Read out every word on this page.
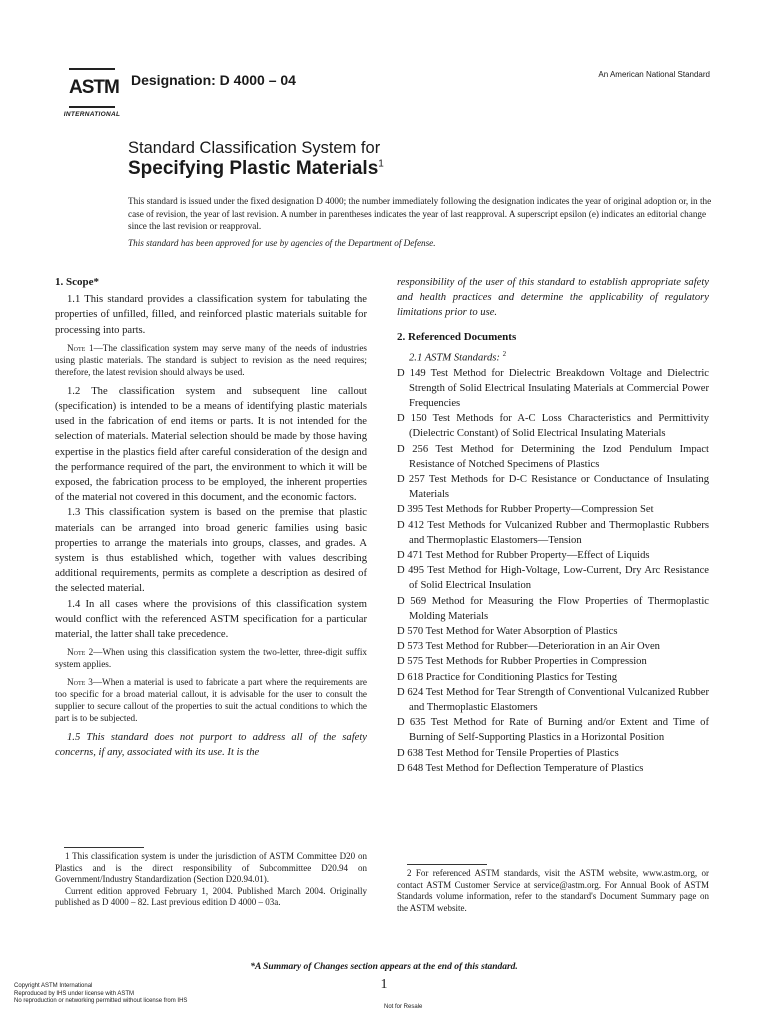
ASTM
INTERNATIONAL
Designation: D 4000 – 04	An American National Standard
Standard Classification System for
Specifying Plastic Materials$^1$
This standard is issued under the fixed designation D 4000; the number immediately following the designation indicates the year of original adoption or, in the case of revision, the year of last revision. A number in parentheses indicates the year of last reapproval. A superscript epsilon (e) indicates an editorial change since the last revision or reapproval.
This standard has been approved for use by agencies of the Department of Defense.
1. Scope*

1.1 This standard provides a classification system for tabulating the properties of unfilled, filled, and reinforced plastic materials suitable for processing into parts.

Note 1—The classification system may serve many of the needs of industries using plastic materials. The standard is subject to revision as the need requires; therefore, the latest revision should always be used.

1.2 The classification system and subsequent line callout (specification) is intended to be a means of identifying plastic materials used in the fabrication of end items or parts. It is not intended for the selection of materials. Material selection should be made by those having expertise in the plastics field after careful consideration of the design and the performance required of the part, the environment to which it will be exposed, the fabrication process to be employed, the inherent properties of the material not covered in this document, and the economic factors.

1.3 This classification system is based on the premise that plastic materials can be arranged into broad generic families using basic properties to arrange the materials into groups, classes, and grades. A system is thus established which, together with values describing additional requirements, permits as complete a description as desired of the selected material.

1.4 In all cases where the provisions of this classification system would conflict with the referenced ASTM specification for a particular material, the latter shall take precedence.

Note 2—When using this classification system the two-letter, three-digit suffix system applies.

Note 3—When a material is used to fabricate a part where the requirements are too specific for a broad material callout, it is advisable for the user to consult the supplier to secure callout of the properties to suit the actual conditions to which the part is to be subjected.

1.5 This standard does not purport to address all of the safety concerns, if any, associated with its use. It is the

responsibility of the user of this standard to establish appropriate safety and health practices and determine the applicability of regulatory limitations prior to use.

2. Referenced Documents

2.1 ASTM Standards: $^2$

D 149 Test Method for Dielectric Breakdown Voltage and Dielectric Strength of Solid Electrical Insulating Materials at Commercial Power Frequencies

D 150 Test Methods for A-C Loss Characteristics and Permittivity (Dielectric Constant) of Solid Electrical Insulating Materials

D 256 Test Method for Determining the Izod Pendulum Impact Resistance of Notched Specimens of Plastics

D 257 Test Methods for D-C Resistance or Conductance of Insulating Materials

D 395 Test Methods for Rubber Property—Compression Set

D 412 Test Methods for Vulcanized Rubber and Thermoplastic Rubbers and Thermoplastic Elastomers—Tension

D 471 Test Method for Rubber Property—Effect of Liquids

D 495 Test Method for High-Voltage, Low-Current, Dry Arc Resistance of Solid Electrical Insulation

D 569 Method for Measuring the Flow Properties of Thermoplastic Molding Materials

D 570 Test Method for Water Absorption of Plastics

D 573 Test Method for Rubber—Deterioration in an Air Oven

D 575 Test Methods for Rubber Properties in Compression

D 618 Practice for Conditioning Plastics for Testing

D 624 Test Method for Tear Strength of Conventional Vulcanized Rubber and Thermoplastic Elastomers

D 635 Test Method for Rate of Burning and/or Extent and Time of Burning of Self-Supporting Plastics in a Horizontal Position

D 638 Test Method for Tensile Properties of Plastics

D 648 Test Method for Deflection Temperature of Plastics

1 This classification system is under the jurisdiction of ASTM Committee D20 on Plastics and is the direct responsibility of Subcommittee D20.94 on Government/Industry Standardization (Section D20.94.01).

Current edition approved February 1, 2004. Published March 2004. Originally published as D 4000 – 82. Last previous edition D 4000 – 03a.

2 For referenced ASTM standards, visit the ASTM website, www.astm.org, or contact ASTM Customer Service at service@astm.org. For Annual Book of ASTM Standards volume information, refer to the standard's Document Summary page on the ASTM website.

*A Summary of Changes section appears at the end of this standard.
1
Copyright ASTM International
Reproduced by IHS under license with ASTM
No reproduction or networking permitted without license from IHS
Not for Resale
